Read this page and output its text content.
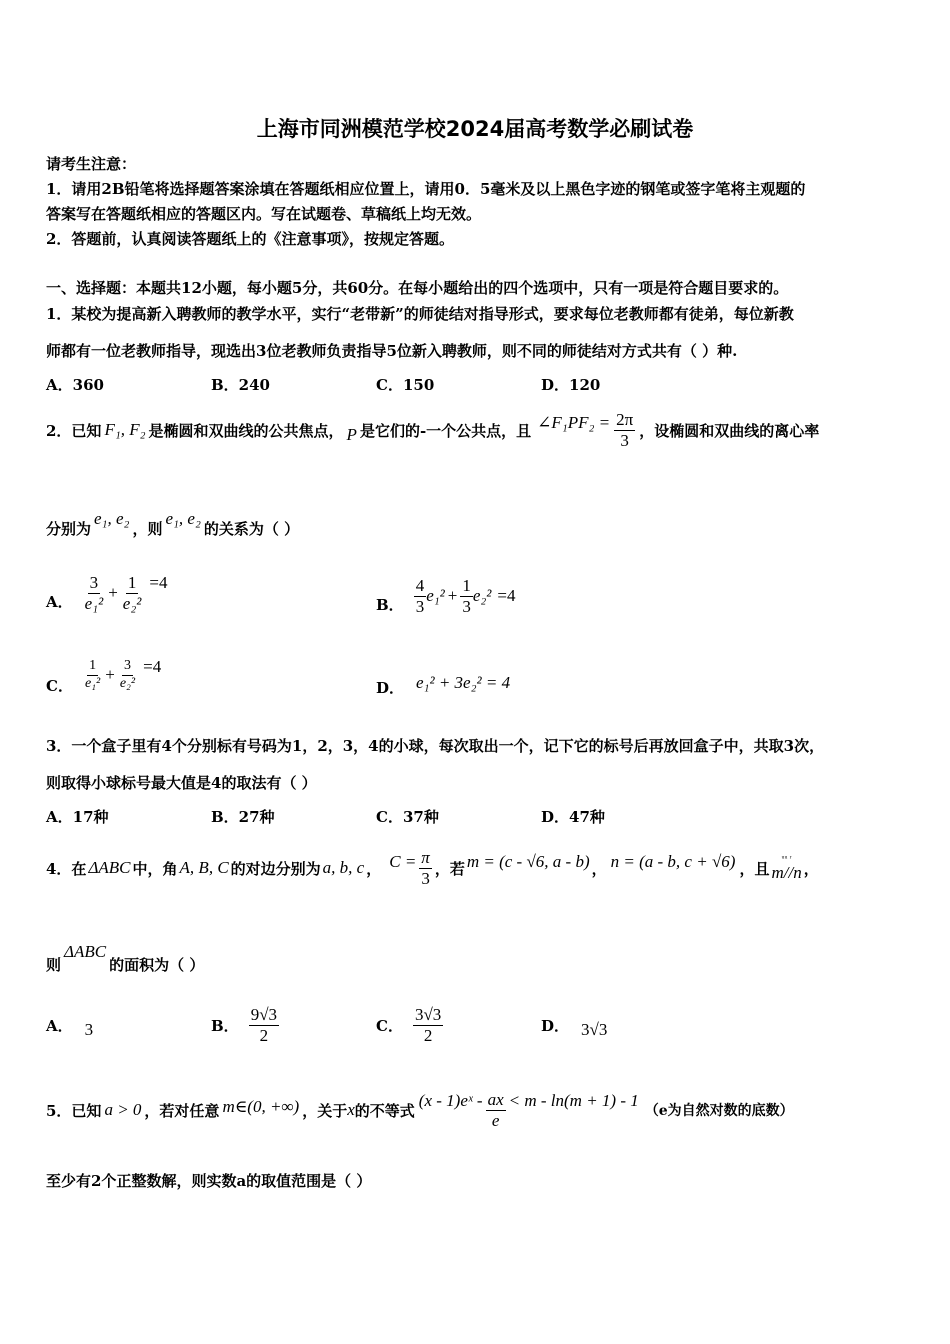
上海市同洲模范学校2024届高考数学必刷试卷
请考生注意：
1．请用2B铅笔将选择题答案涂填在答题纸相应位置上，请用0．5毫米及以上黑色字迹的钢笔或签字笔将主观题的
答案写在答题纸相应的答题区内。写在试题卷、草稿纸上均无效。
2．答题前，认真阅读答题纸上的《注意事项》，按规定答题。
一、选择题：本题共12小题，每小题5分，共60分。在每小题给出的四个选项中，只有一项是符合题目要求的。
1．某校为提高新入聘教师的教学水平，实行“老带新”的师徒结对指导形式，要求每位老教师都有徒弟，每位新教
师都有一位老教师指导，现选出3位老教师负责指导5位新入聘教师，则不同的师徒结对方式共有（ ）种.
A．360	B．240	C．150	D．120
2．已知 F₁, F₂ 是椭圆和双曲线的公共焦点， P 是它们的-一个公共点，且 ∠F₁PF₂ = $\frac{2\pi}{3}$ ，设椭圆和双曲线的离心率
分别为
e₁, e₂
，则
e₁, e₂
的关系为（ ）
A． $\frac{3}{\text{e₁²}} + \frac{1}{\text{e₂²}} =4$
B． $\frac{4}{3} e_1^2 + \frac{1}{3} e_2^2 =4$
C． $\frac{1}{\text{e₁²}} + \frac{3}{\text{e₂²}} =4$
D． e₁² + 3e₂² = 4
3．一个盒子里有4个分别标有号码为1，2，3，4的小球，每次取出一个，记下它的标号后再放回盒子中，共取3次，
则取得小球标号最大值是4的取法有（ ）
A．17种	B．27种	C．37种	D．47种
4．在 ΔABC 中，角 A, B, C 的对边分别为 a, b, c ， $C = \frac{\pi}{3}$ ，若 m = (c - √6, a - b) ， n = (a - b, c + √6) ，且
ᵘᵘ ʳ
m//n ，
则
ΔABC
的面积为（ ）
A． 3	B． $\frac{9√3}{2}$	C． $\frac{3√3}{2}$	D． 3√3
5．已知 a > 0 ，若对任意 m∈(0, +∞) ，关于 x 的不等式
(x - 1)eˣ - $\frac{ax}{e} < m - \ln(m + 1) - 1$
（e为自然对数的底数）
至少有2个正整数解，则实数a的取值范围是（ ）
